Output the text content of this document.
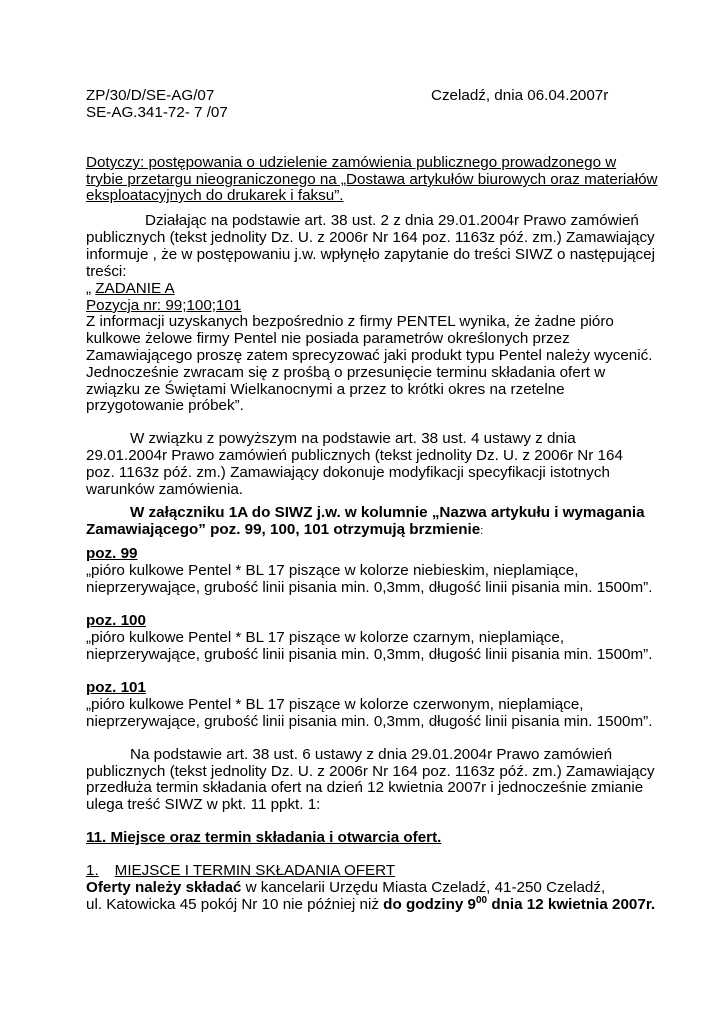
ZP/30/D/SE-AG/07	Czeladź, dnia 06.04.2007r
SE-AG.341-72- 7 /07
Dotyczy: postępowania o udzielenie zamówienia publicznego prowadzonego w
trybie przetargu nieograniczonego na „Dostawa artykułów biurowych oraz materiałów
eksploatacyjnych do drukarek i faksu”.
Działając na podstawie art. 38 ust. 2 z dnia 29.01.2004r Prawo zamówień
publicznych (tekst jednolity Dz. U. z 2006r Nr 164 poz. 1163z póź. zm.) Zamawiający
informuje , że w postępowaniu j.w. wpłynęło zapytanie do treści SIWZ o następującej
treści:
„ ZADANIE A
Pozycja nr: 99;100;101
Z informacji uzyskanych bezpośrednio z firmy PENTEL wynika, że żadne pióro
kulkowe żelowe firmy Pentel nie posiada parametrów określonych przez
Zamawiającego proszę zatem sprecyzować jaki produkt typu Pentel należy wycenić.
Jednocześnie zwracam się z prośbą o przesunięcie terminu składania ofert w
związku ze Świętami Wielkanocnymi a przez to krótki okres na rzetelne
przygotowanie próbek”.
W związku z powyższym na podstawie art. 38 ust. 4 ustawy z dnia
29.01.2004r Prawo zamówień publicznych (tekst jednolity Dz. U. z 2006r Nr 164
poz. 1163z póź. zm.) Zamawiający dokonuje modyfikacji specyfikacji istotnych
warunków zamówienia.
W załączniku 1A do SIWZ j.w. w kolumnie „Nazwa artykułu i wymagania
Zamawiającego” poz. 99, 100, 101 otrzymują brzmienie:
poz. 99
„pióro kulkowe Pentel * BL 17 piszące w kolorze niebieskim, nieplamiące,
nieprzerywające, grubość linii pisania min. 0,3mm, długość linii pisania min. 1500m”.
poz. 100
„pióro kulkowe Pentel * BL 17 piszące w kolorze czarnym, nieplamiące,
nieprzerywające, grubość linii pisania min. 0,3mm, długość linii pisania min. 1500m”.
poz. 101
„pióro kulkowe Pentel * BL 17 piszące w kolorze czerwonym, nieplamiące,
nieprzerywające, grubość linii pisania min. 0,3mm, długość linii pisania min. 1500m”.
Na podstawie art. 38 ust. 6 ustawy z dnia 29.01.2004r Prawo zamówień
publicznych (tekst jednolity Dz. U. z 2006r Nr 164 poz. 1163z póź. zm.) Zamawiający
przedłuża termin składania ofert na dzień 12 kwietnia 2007r i jednocześnie zmianie
ulega treść SIWZ w pkt. 11 ppkt. 1:
11. Miejsce oraz termin składania i otwarcia ofert.
1. MIEJSCE I TERMIN SKŁADANIA OFERT
Oferty należy składać w kancelarii Urzędu Miasta Czeladź, 41-250 Czeladź,
ul. Katowicka 45 pokój Nr 10 nie później niż do godziny $9^{00}$ dnia 12 kwietnia 2007r.
